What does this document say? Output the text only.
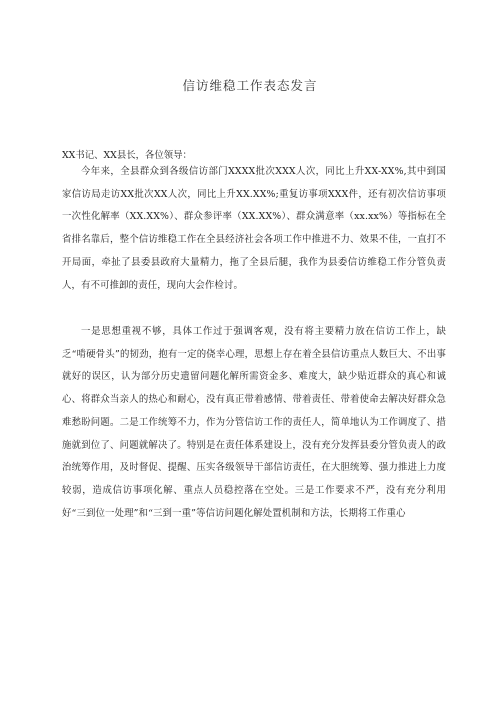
信访维稳工作表态发言
XX书记、XX县长，各位领导：

今年来，全县群众到各级信访部门XXXX批次XXX人次，同比上升XX-XX%,其中到国家信访局走访XX批次XX人次，同比上升XX.XX%;重复访事项XXX件，还有初次信访事项一次性化解率（XX.XX%）、群众参评率（XX.XX%）、群众满意率（xx.xx%）等指标在全省排名靠后，整个信访维稳工作在全县经济社会各项工作中推进不力、效果不佳，一直打不开局面，牵扯了县委县政府大量精力，拖了全县后腿，我作为县委信访维稳工作分管负责人，有不可推卸的责任，现向大会作检讨。

一是思想重视不够，具体工作过于强调客观，没有将主要精力放在信访工作上，缺乏“啃硬骨头”的韧劲，抱有一定的侥幸心理，思想上存在着全县信访重点人数巨大、不出事就好的误区，认为部分历史遗留问题化解所需资金多、难度大，缺少贴近群众的真心和诚心、将群众当亲人的热心和耐心，没有真正带着感情、带着责任、带着使命去解决好群众急难愁盼问题。二是工作统筹不力，作为分管信访工作的责任人，简单地认为工作调度了、措施就到位了、问题就解决了。特别是在责任体系建设上，没有充分发挥县委分管负责人的政治统筹作用，及时督促、提醒、压实各级领导干部信访责任，在大胆统筹、强力推进上力度较弱，造成信访事项化解、重点人员稳控落在空处。三是工作要求不严，没有充分利用好“三到位一处理”和“三到一重”等信访问题化解处置机制和方法，长期将工作重心
